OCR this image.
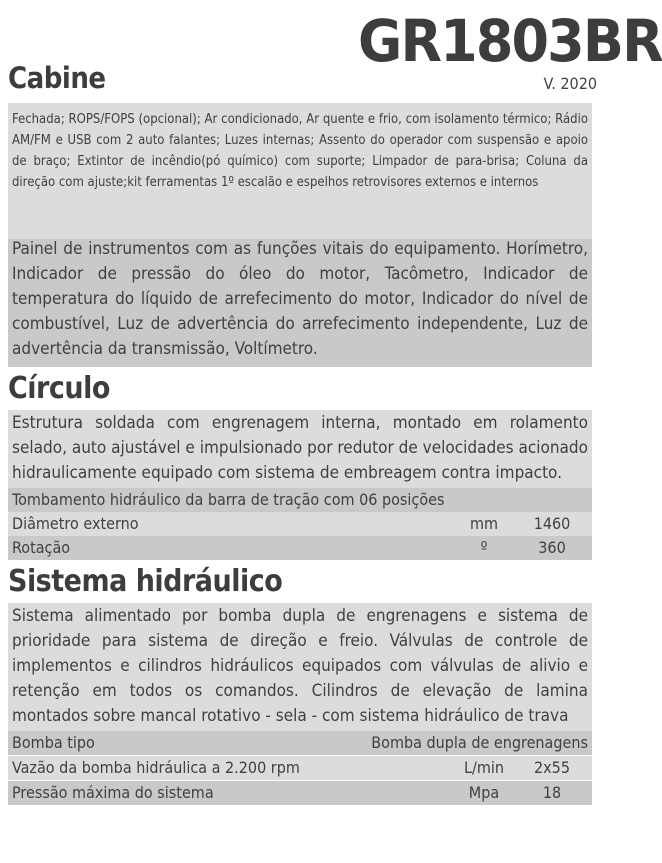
GR1803BR
V. 2020
Cabine
Fechada; ROPS/FOPS (opcional); Ar condicionado, Ar quente e frio, com isolamento térmico; Rádio AM/FM e USB com 2 auto falantes; Luzes internas; Assento do operador com suspensão e apoio de braço; Extintor de incêndio(pó químico) com suporte; Limpador de para-brisa; Coluna da direção com ajuste;kit ferramentas 1º escalão e espelhos retrovisores externos e internos
Painel de instrumentos com as funções vitais do equipamento. Horímetro, Indicador de pressão do óleo do motor, Tacômetro, Indicador de temperatura do líquido de arrefecimento do motor, Indicador do nível de combustível, Luz de advertência do arrefecimento independente, Luz de advertência da transmissão, Voltímetro.
Círculo
Estrutura soldada com engrenagem interna, montado em rolamento selado, auto ajustável e impulsionado por redutor de velocidades acionado hidraulicamente equipado com sistema de embreagem contra impacto.
Tombamento hidráulico da barra de tração com 06 posições
Diâmetro externo	mm	1460
Rotação	º	360
Sistema hidráulico
Sistema alimentado por bomba dupla de engrenagens e sistema de prioridade para sistema de direção e freio. Válvulas de controle de implementos e cilindros hidráulicos equipados com válvulas de alivio e retenção em todos os comandos. Cilindros de elevação de lamina montados sobre mancal rotativo - sela - com sistema hidráulico de trava
Bomba tipo	Bomba dupla de engrenagens
Vazão da bomba hidráulica a 2.200 rpm	L/min	2x55
Pressão máxima do sistema	Mpa	18
